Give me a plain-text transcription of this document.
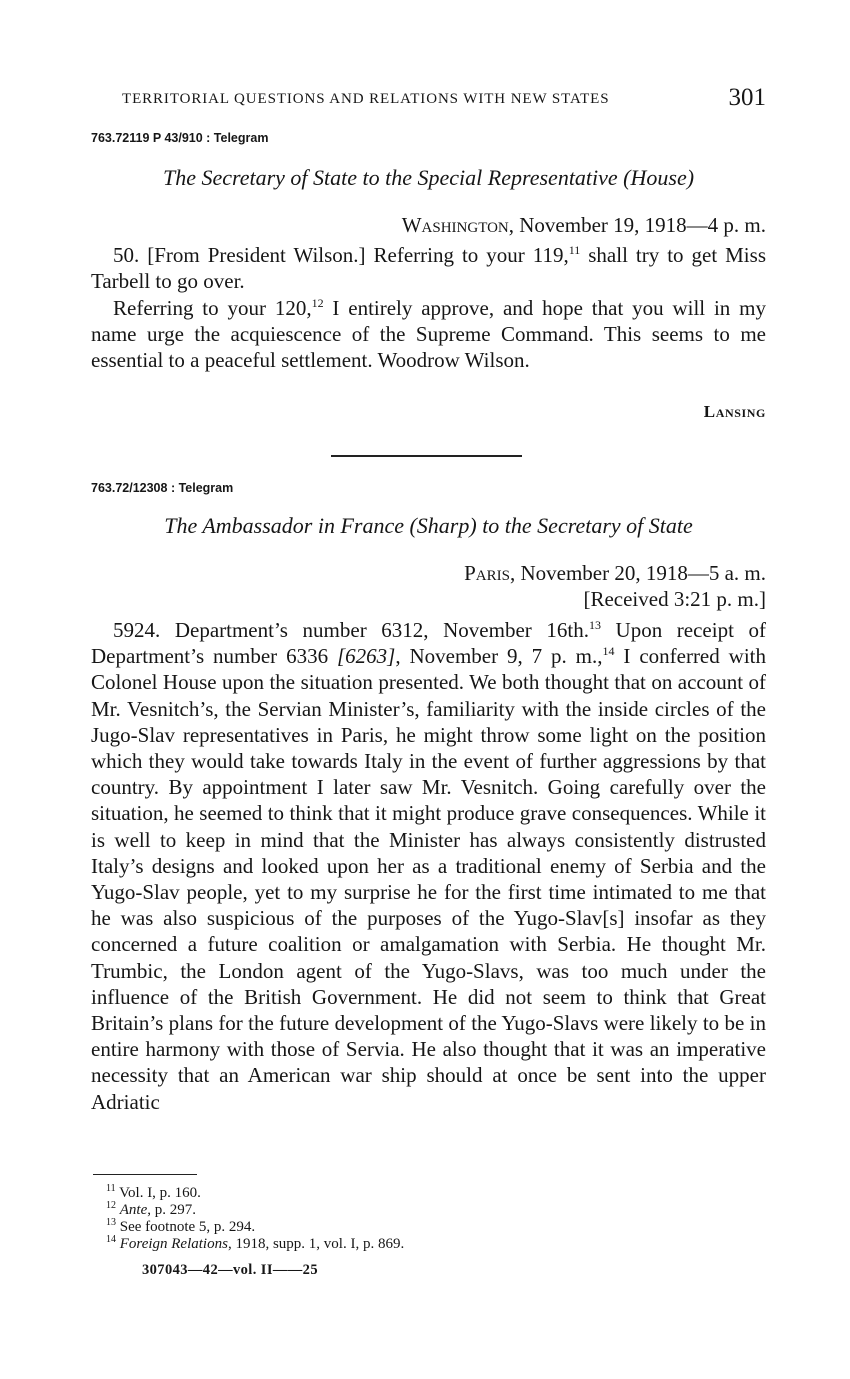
TERRITORIAL QUESTIONS AND RELATIONS WITH NEW STATES	301
763.72119 P 43/910 : Telegram
The Secretary of State to the Special Representative (House)
Washington, November 19, 1918—4 p. m.
50. [From President Wilson.] Referring to your 119,11 shall try to get Miss Tarbell to go over.
Referring to your 120,12 I entirely approve, and hope that you will in my name urge the acquiescence of the Supreme Command. This seems to me essential to a peaceful settlement. Woodrow Wilson.
Lansing
763.72/12308 : Telegram
The Ambassador in France (Sharp) to the Secretary of State
Paris, November 20, 1918—5 a. m.
[Received 3:21 p. m.]
5924. Department’s number 6312, November 16th.$^{13}$ Upon receipt of Department’s number 6336 [6263], November 9, 7 p. m.,$^{14}$ I conferred with Colonel House upon the situation presented. We both thought that on account of Mr. Vesnitch’s, the Servian Minister’s, familiarity with the inside circles of the Jugo-Slav representatives in Paris, he might throw some light on the position which they would take towards Italy in the event of further aggressions by that country. By appointment I later saw Mr. Vesnitch. Going carefully over the situation, he seemed to think that it might produce grave consequences. While it is well to keep in mind that the Minister has always consistently distrusted Italy’s designs and looked upon her as a traditional enemy of Serbia and the Yugo-Slav people, yet to my surprise he for the first time intimated to me that he was also suspicious of the purposes of the Yugo-Slav[s] insofar as they concerned a future coalition or amalgamation with Serbia. He thought Mr. Trumbic, the London agent of the Yugo-Slavs, was too much under the influence of the British Government. He did not seem to think that Great Britain’s plans for the future development of the Yugo-Slavs were likely to be in entire harmony with those of Servia. He also thought that it was an imperative necessity that an American war ship should at once be sent into the upper Adriatic
$^{11}$ Vol. I, p. 160.
$^{12}$ Ante, p. 297.
$^{13}$ See footnote 5, p. 294.
$^{14}$ Foreign Relations, 1918, supp. 1, vol. I, p. 869.
307043—42—vol. II——25
